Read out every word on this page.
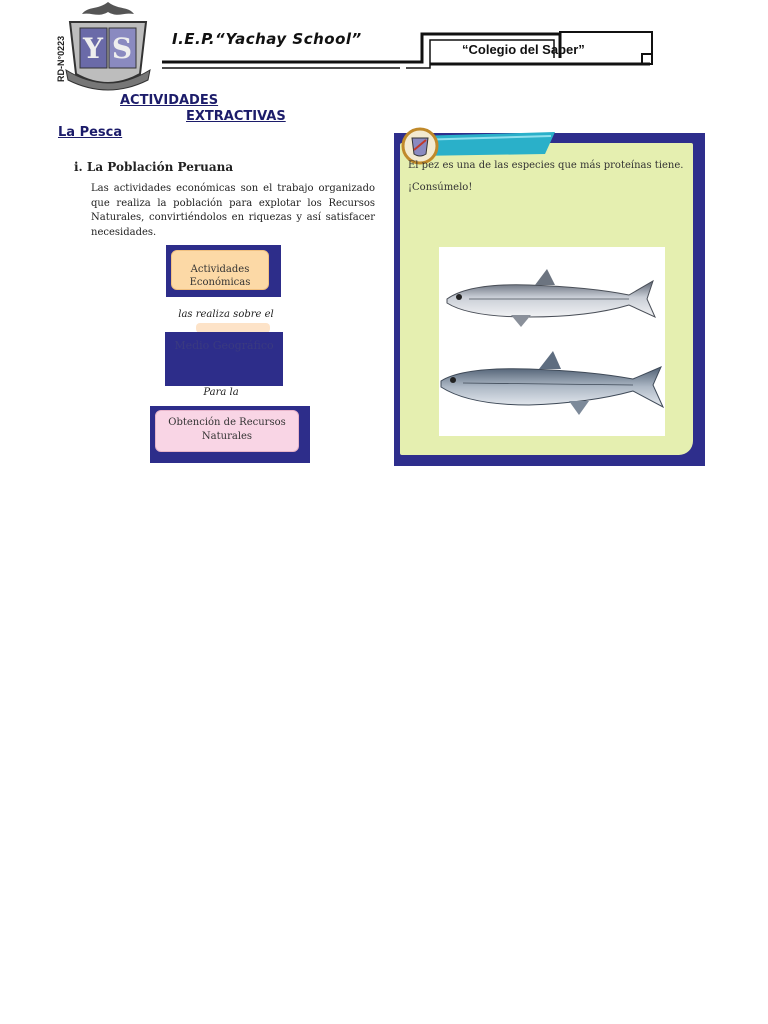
Y S
RD-N°0223	I.E.P.“Yachay School”
“Colegio del Saber”
ACTIVIDADES
EXTRACTIVAS
La Pesca
i. La Población Peruana
Las actividades económicas son el trabajo organizado que realiza la población para explotar los Recursos Naturales, convirtiéndolos en riquezas y así satisfacer necesidades.
Actividades Económicas
las realiza sobre el
Medio Geográfico
Para la
Obtención de Recursos Naturales
El pez es una de las especies que más proteínas tiene.
¡Consúmelo!
